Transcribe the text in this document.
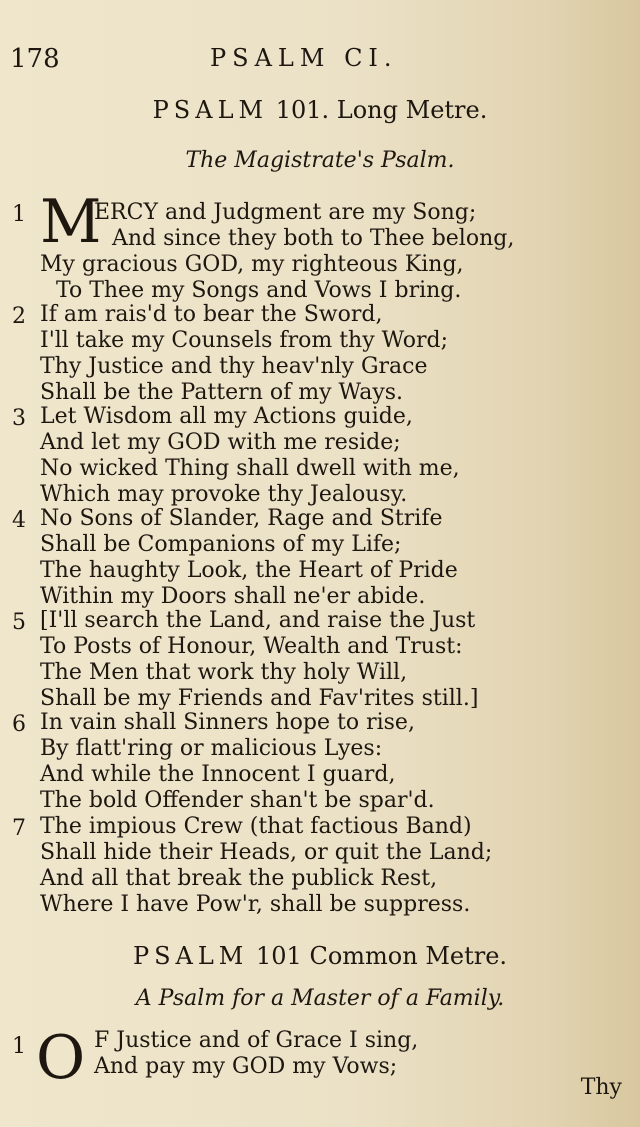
178	PSALM CI.
PSALM 101. Long Metre.
The Magistrate's Psalm.
M
1	ERCY and Judgment are my Song;
And since they both to Thee belong,
My gracious GOD, my righteous King,
To Thee my Songs and Vows I bring.
2 If am rais'd to bear the Sword,
I'll take my Counsels from thy Word;
Thy Justice and thy heav'nly Grace
Shall be the Pattern of my Ways.
3 Let Wisdom all my Actions guide,
And let my GOD with me reside;
No wicked Thing shall dwell with me,
Which may provoke thy Jealousy.
4 No Sons of Slander, Rage and Strife
Shall be Companions of my Life;
The haughty Look, the Heart of Pride
Within my Doors shall ne'er abide.
5 [I'll search the Land, and raise the Just
To Posts of Honour, Wealth and Trust:
The Men that work thy holy Will,
Shall be my Friends and Fav'rites still.]
6 In vain shall Sinners hope to rise,
By flatt'ring or malicious Lyes:
And while the Innocent I guard,
The bold Offender shan't be spar'd.
7 The impious Crew (that factious Band)
Shall hide their Heads, or quit the Land;
And all that break the publick Rest,
Where I have Pow'r, shall be suppress.
PSALM 101 Common Metre.
A Psalm for a Master of a Family.
O
1	F Justice and of Grace I sing,
And pay my GOD my Vows;
Thy
